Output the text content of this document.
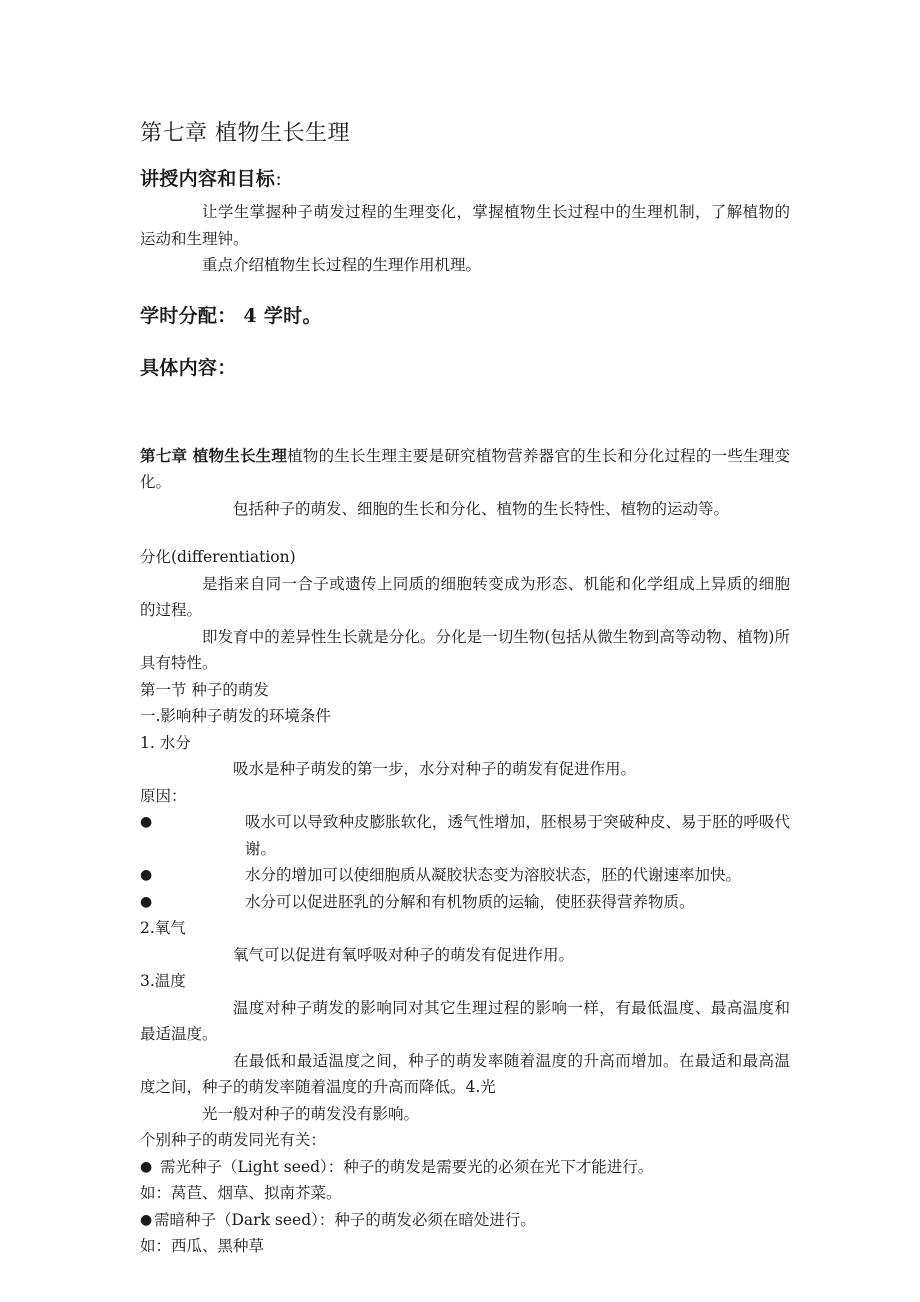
第七章 植物生长生理
讲授内容和目标：

让学生掌握种子萌发过程的生理变化，掌握植物生长过程中的生理机制，了解植物的运动和生理钟。

重点介绍植物生长过程的生理作用机理。

学时分配： 4 学时。
具体内容：

第七章 植物生长生理植物的生长生理主要是研究植物营养器官的生长和分化过程的一些生理变化。

包括种子的萌发、细胞的生长和分化、植物的生长特性、植物的运动等。

分化(differentiation)

是指来自同一合子或遗传上同质的细胞转变成为形态、机能和化学组成上异质的细胞的过程。

即发育中的差异性生长就是分化。分化是一切生物(包括从微生物到高等动物、植物)所具有特性。

第一节 种子的萌发

一.影响种子萌发的环境条件

1. 水分

吸水是种子萌发的第一步，水分对种子的萌发有促进作用。

原因：

●	吸水可以导致种皮膨胀软化，透气性增加，胚根易于突破种皮、易于胚的呼吸代谢。
●	水分的增加可以使细胞质从凝胶状态变为溶胶状态，胚的代谢速率加快。
●	水分可以促进胚乳的分解和有机物质的运输，使胚获得营养物质。

2.氧气

氧气可以促进有氧呼吸对种子的萌发有促进作用。

3.温度

温度对种子萌发的影响同对其它生理过程的影响一样，有最低温度、最高温度和最适温度。

在最低和最适温度之间，种子的萌发率随着温度的升高而增加。在最适和最高温度之间，种子的萌发率随着温度的升高而降低。4.光

光一般对种子的萌发没有影响。

个别种子的萌发同光有关：

● 需光种子（Light seed）：种子的萌发是需要光的必须在光下才能进行。

如：莴苣、烟草、拟南芥菜。

● 需暗种子（Dark seed）：种子的萌发必须在暗处进行。

如：西瓜、黑种草
